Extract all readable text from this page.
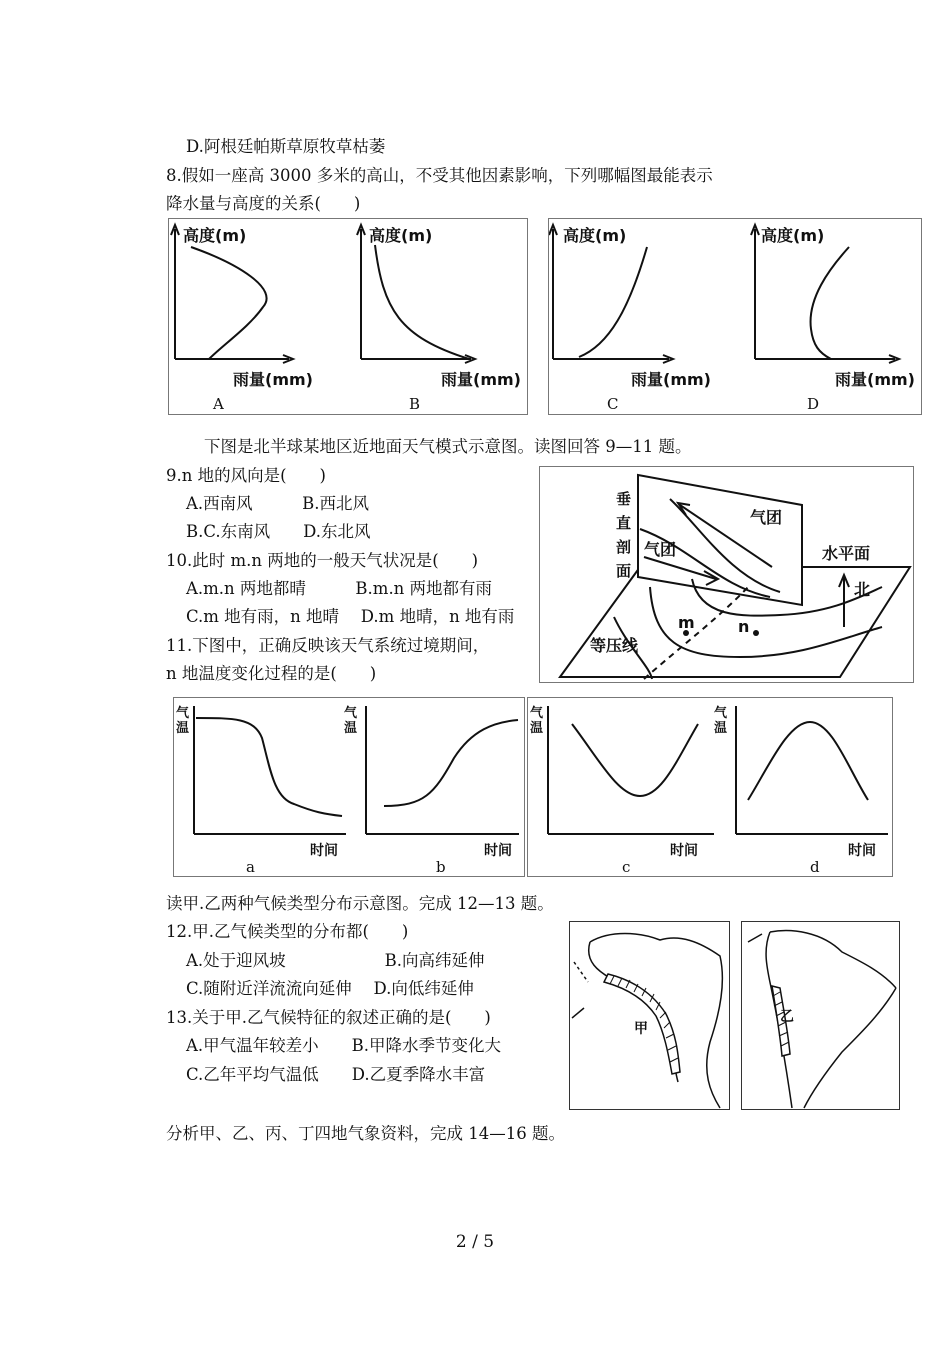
D.阿根廷帕斯草原牧草枯萎
8.假如一座高 3000 多米的高山，不受其他因素影响，下列哪幅图最能表示
降水量与高度的关系(　　)
高度(m)
雨量(mm)
A
高度(m)
雨量(mm)
B
高度(m)
雨量(mm)
C
高度(m)
雨量(mm)
D
下图是北半球某地区近地面天气模式示意图。读图回答 9—11 题。
9.n 地的风向是(　　)
A.西南风　　　B.西北风
B.C.东南风　　D.东北风
10.此时 m.n 两地的一般天气状况是(　　)
A.m.n 两地都晴　　　B.m.n 两地都有雨
C.m 地有雨，n 地晴　 D.m 地晴，n 地有雨
11.下图中，正确反映该天气系统过境期间，
n 地温度变化过程的是(　　)
垂直剖面
气团
气团	水平面
北
等压线
m	n
气温
时间
a
气温
时间
b
气温
时间
c
气温
时间
d
读甲.乙两种气候类型分布示意图。完成 12—13 题。
12.甲.乙气候类型的分布都(　　)
A.处于迎风坡　　　　　　B.向高纬延伸
C.随附近洋流流向延伸　 D.向低纬延伸
13.关于甲.乙气候特征的叙述正确的是(　　)
A.甲气温年较差小　　B.甲降水季节变化大
C.乙年平均气温低　　D.乙夏季降水丰富
甲
乙
分析甲、乙、丙、丁四地气象资料，完成 14—16 题。
2 / 5
